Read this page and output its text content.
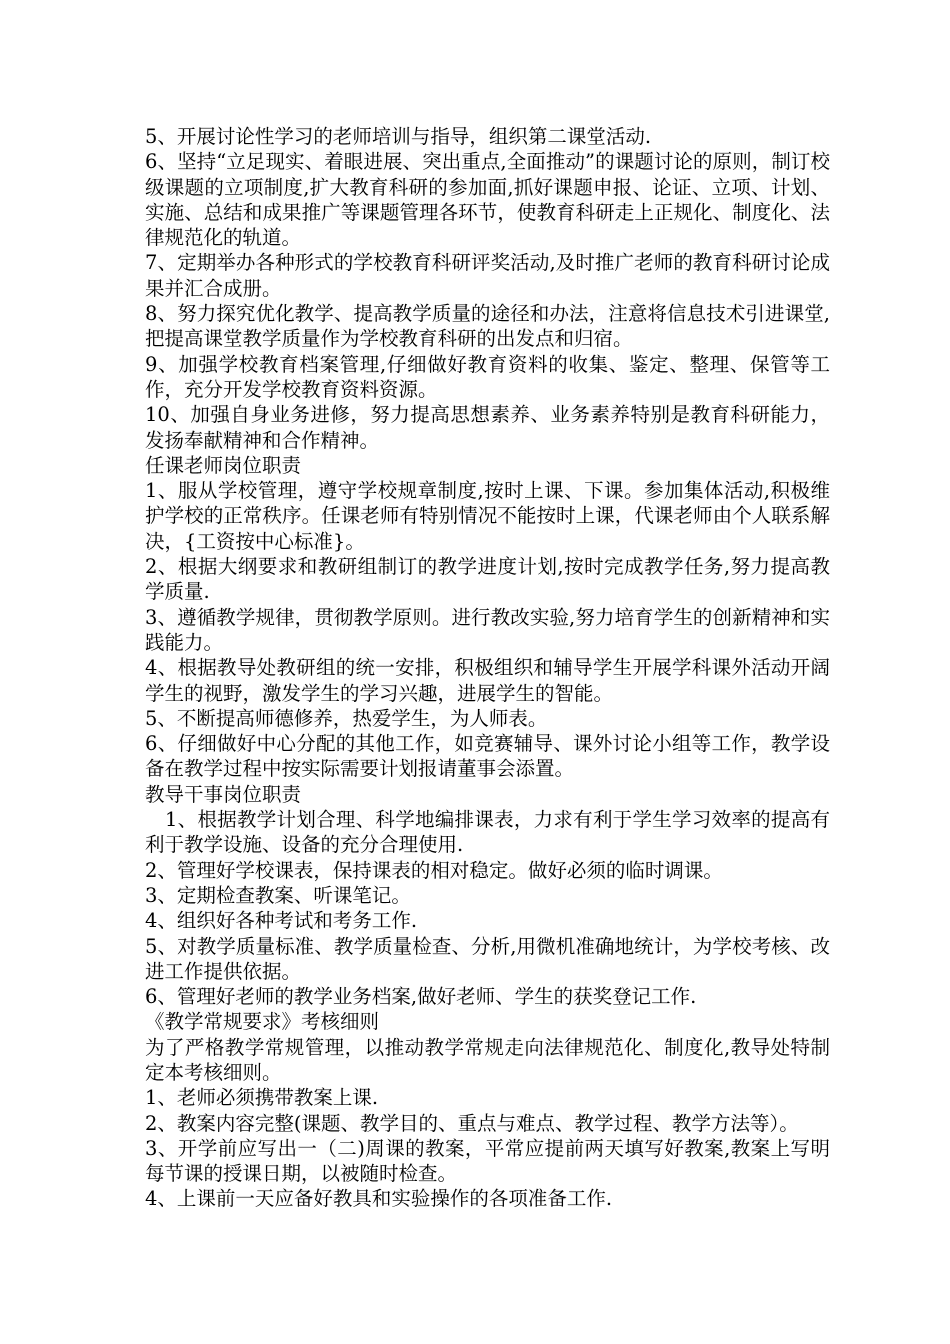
5、开展讨论性学习的老师培训与指导，组织第二课堂活动.

6、坚持“立足现实、着眼进展、突出重点,全面推动”的课题讨论的原则，制订校级课题的立项制度,扩大教育科研的参加面,抓好课题申报、论证、立项、计划、实施、总结和成果推广等课题管理各环节，使教育科研走上正规化、制度化、法律规范化的轨道。

7、定期举办各种形式的学校教育科研评奖活动,及时推广老师的教育科研讨论成果并汇合成册。

8、努力探究优化教学、提高教学质量的途径和办法，注意将信息技术引进课堂,把提高课堂教学质量作为学校教育科研的出发点和归宿。

9、加强学校教育档案管理,仔细做好教育资料的收集、鉴定、整理、保管等工作，充分开发学校教育资料资源。

10、加强自身业务进修，努力提高思想素养、业务素养特别是教育科研能力，发扬奉献精神和合作精神。

任课老师岗位职责

1、服从学校管理，遵守学校规章制度,按时上课、下课。参加集体活动,积极维护学校的正常秩序。任课老师有特别情况不能按时上课，代课老师由个人联系解决，{工资按中心标准}。

2、根据大纲要求和教研组制订的教学进度计划,按时完成教学任务,努力提高教学质量.

3、遵循教学规律，贯彻教学原则。进行教改实验,努力培育学生的创新精神和实践能力。

4、根据教导处教研组的统一安排，积极组织和辅导学生开展学科课外活动开阔学生的视野，激发学生的学习兴趣，进展学生的智能。

5、不断提高师德修养，热爱学生，为人师表。

6、仔细做好中心分配的其他工作，如竞赛辅导、课外讨论小组等工作，教学设备在教学过程中按实际需要计划报请董事会添置。

教导干事岗位职责

1、根据教学计划合理、科学地编排课表，力求有利于学生学习效率的提高有利于教学设施、设备的充分合理使用.

2、管理好学校课表，保持课表的相对稳定。做好必须的临时调课。

3、定期检查教案、听课笔记。

4、组织好各种考试和考务工作.

5、对教学质量标准、教学质量检查、分析,用微机准确地统计，为学校考核、改进工作提供依据。

6、管理好老师的教学业务档案,做好老师、学生的获奖登记工作.

《教学常规要求》考核细则

为了严格教学常规管理，以推动教学常规走向法律规范化、制度化,教导处特制定本考核细则。

1、老师必须携带教案上课.

2、教案内容完整(课题、教学目的、重点与难点、教学过程、教学方法等）。

3、开学前应写出一（二)周课的教案，平常应提前两天填写好教案,教案上写明每节课的授课日期，以被随时检查。

4、上课前一天应备好教具和实验操作的各项准备工作.
